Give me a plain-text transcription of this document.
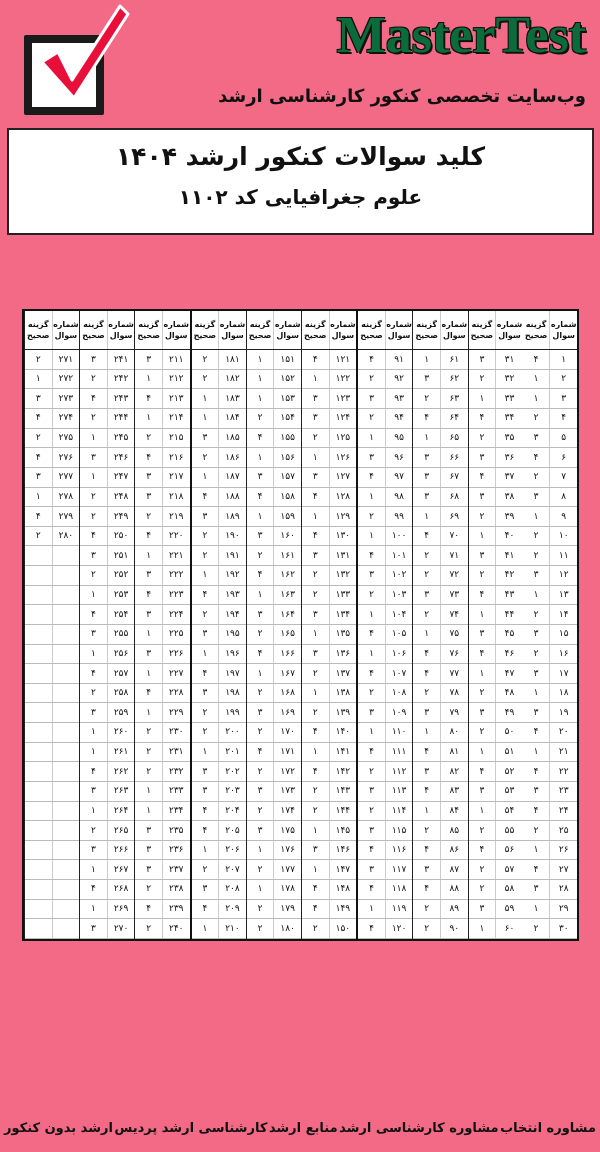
MasterTest
وب‌سایت تخصصی کنکور کارشناسی ارشد
کلید سوالات کنکور ارشد ۱۴۰۴
علوم جغرافیایی کد ۱۱۰۲
شماره سوال
گزینه صحیح
۱
۴
۲
۱
۳
۱
۴
۲
۵
۳
۶
۴
۷
۲
۸
۳
۹
۱
۱۰
۲
۱۱
۲
۱۲
۳
۱۳
۱
۱۴
۲
۱۵
۳
۱۶
۲
۱۷
۳
۱۸
۱
۱۹
۳
۲۰
۴
۲۱
۱
۲۲
۴
۲۳
۳
۲۴
۴
۲۵
۲
۲۶
۱
۲۷
۴
۲۸
۳
۲۹
۱
۳۰
۲
شماره سوال
گزینه صحیح
۳۱
۳
۳۲
۲
۳۳
۱
۳۴
۴
۳۵
۲
۳۶
۳
۳۷
۴
۳۸
۳
۳۹
۲
۴۰
۱
۴۱
۳
۴۲
۲
۴۳
۴
۴۴
۱
۴۵
۳
۴۶
۴
۴۷
۱
۴۸
۲
۴۹
۳
۵۰
۲
۵۱
۱
۵۲
۴
۵۳
۳
۵۴
۱
۵۵
۲
۵۶
۴
۵۷
۲
۵۸
۲
۵۹
۳
۶۰
۱
شماره سوال
گزینه صحیح
۶۱
۱
۶۲
۳
۶۳
۲
۶۴
۴
۶۵
۱
۶۶
۳
۶۷
۳
۶۸
۳
۶۹
۱
۷۰
۴
۷۱
۲
۷۲
۲
۷۳
۳
۷۴
۲
۷۵
۱
۷۶
۴
۷۷
۴
۷۸
۲
۷۹
۳
۸۰
۱
۸۱
۴
۸۲
۳
۸۳
۴
۸۴
۱
۸۵
۲
۸۶
۴
۸۷
۳
۸۸
۴
۸۹
۲
۹۰
۲
شماره سوال
گزینه صحیح
۹۱
۴
۹۲
۲
۹۳
۳
۹۴
۲
۹۵
۱
۹۶
۳
۹۷
۴
۹۸
۱
۹۹
۲
۱۰۰
۱
۱۰۱
۴
۱۰۲
۳
۱۰۳
۲
۱۰۴
۱
۱۰۵
۴
۱۰۶
۱
۱۰۷
۴
۱۰۸
۲
۱۰۹
۳
۱۱۰
۱
۱۱۱
۴
۱۱۲
۲
۱۱۳
۳
۱۱۴
۲
۱۱۵
۳
۱۱۶
۴
۱۱۷
۳
۱۱۸
۴
۱۱۹
۱
۱۲۰
۴
شماره سوال
گزینه صحیح
۱۲۱
۴
۱۲۲
۱
۱۲۳
۳
۱۲۴
۳
۱۲۵
۲
۱۲۶
۱
۱۲۷
۳
۱۲۸
۴
۱۲۹
۱
۱۳۰
۴
۱۳۱
۳
۱۳۲
۲
۱۳۳
۲
۱۳۴
۳
۱۳۵
۱
۱۳۶
۳
۱۳۷
۲
۱۳۸
۱
۱۳۹
۲
۱۴۰
۴
۱۴۱
۱
۱۴۲
۴
۱۴۳
۲
۱۴۴
۲
۱۴۵
۱
۱۴۶
۳
۱۴۷
۱
۱۴۸
۴
۱۴۹
۴
۱۵۰
۲
شماره سوال
گزینه صحیح
۱۵۱
۱
۱۵۲
۱
۱۵۳
۱
۱۵۴
۲
۱۵۵
۴
۱۵۶
۱
۱۵۷
۳
۱۵۸
۴
۱۵۹
۱
۱۶۰
۳
۱۶۱
۲
۱۶۲
۴
۱۶۳
۱
۱۶۴
۳
۱۶۵
۲
۱۶۶
۴
۱۶۷
۱
۱۶۸
۲
۱۶۹
۳
۱۷۰
۲
۱۷۱
۴
۱۷۲
۲
۱۷۳
۳
۱۷۴
۲
۱۷۵
۳
۱۷۶
۱
۱۷۷
۲
۱۷۸
۱
۱۷۹
۲
۱۸۰
۲
شماره سوال
گزینه صحیح
۱۸۱
۲
۱۸۲
۲
۱۸۳
۱
۱۸۴
۱
۱۸۵
۳
۱۸۶
۲
۱۸۷
۱
۱۸۸
۴
۱۸۹
۳
۱۹۰
۲
۱۹۱
۲
۱۹۲
۱
۱۹۳
۴
۱۹۴
۲
۱۹۵
۳
۱۹۶
۱
۱۹۷
۴
۱۹۸
۳
۱۹۹
۲
۲۰۰
۲
۲۰۱
۱
۲۰۲
۳
۲۰۳
۳
۲۰۴
۴
۲۰۵
۴
۲۰۶
۱
۲۰۷
۲
۲۰۸
۳
۲۰۹
۴
۲۱۰
۱
شماره سوال
گزینه صحیح
۲۱۱
۳
۲۱۲
۱
۲۱۳
۴
۲۱۴
۱
۲۱۵
۲
۲۱۶
۴
۲۱۷
۳
۲۱۸
۳
۲۱۹
۲
۲۲۰
۴
۲۲۱
۱
۲۲۲
۳
۲۲۳
۴
۲۲۴
۳
۲۲۵
۱
۲۲۶
۳
۲۲۷
۱
۲۲۸
۴
۲۲۹
۱
۲۳۰
۲
۲۳۱
۲
۲۳۲
۲
۲۳۳
۱
۲۳۴
۱
۲۳۵
۳
۲۳۶
۳
۲۳۷
۳
۲۳۸
۲
۲۳۹
۴
۲۴۰
۲
شماره سوال
گزینه صحیح
۲۴۱
۳
۲۴۲
۲
۲۴۳
۴
۲۴۴
۲
۲۴۵
۱
۲۴۶
۳
۲۴۷
۱
۲۴۸
۲
۲۴۹
۲
۲۵۰
۴
۲۵۱
۳
۲۵۲
۲
۲۵۳
۱
۲۵۴
۴
۲۵۵
۳
۲۵۶
۱
۲۵۷
۴
۲۵۸
۲
۲۵۹
۳
۲۶۰
۱
۲۶۱
۱
۲۶۲
۴
۲۶۳
۳
۲۶۴
۱
۲۶۵
۲
۲۶۶
۳
۲۶۷
۱
۲۶۸
۴
۲۶۹
۱
۲۷۰
۳
شماره سوال
گزینه صحیح
۲۷۱
۲
۲۷۲
۱
۲۷۳
۳
۲۷۴
۴
۲۷۵
۲
۲۷۶
۴
۲۷۷
۳
۲۷۸
۱
۲۷۹
۴
۲۸۰
۲
ارشد بدون کنکور کارشناسی ارشد پردیس منابع ارشد مشاوره کارشناسی ارشد مشاوره انتخاب
